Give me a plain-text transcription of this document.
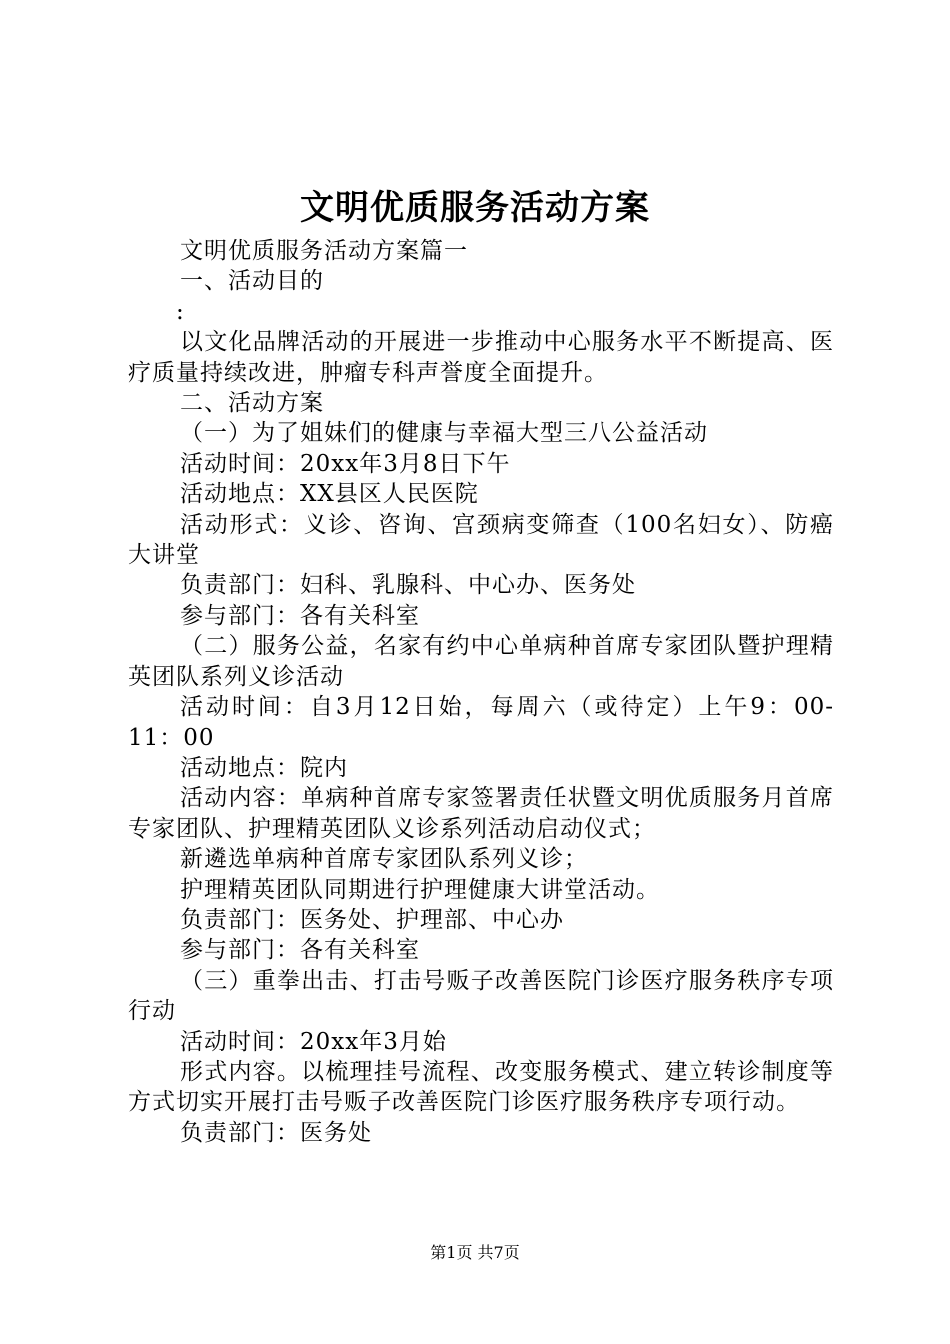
文明优质服务活动方案

文明优质服务活动方案篇一

一、活动目的

:

以文化品牌活动的开展进一步推动中心服务水平不断提高、医疗质量持续改进，肿瘤专科声誉度全面提升。

二、活动方案

（一）为了姐妹们的健康与幸福大型三八公益活动

活动时间：20xx年3月8日下午

活动地点：XX县区人民医院

活动形式：义诊、咨询、宫颈病变筛查（100名妇女）、防癌大讲堂

负责部门：妇科、乳腺科、中心办、医务处

参与部门：各有关科室

（二）服务公益，名家有约中心单病种首席专家团队暨护理精英团队系列义诊活动

活动时间：自3月12日始，每周六（或待定）上午9：00-11：00

活动地点：院内

活动内容：单病种首席专家签署责任状暨文明优质服务月首席专家团队、护理精英团队义诊系列活动启动仪式；

新遴选单病种首席专家团队系列义诊；

护理精英团队同期进行护理健康大讲堂活动。

负责部门：医务处、护理部、中心办

参与部门：各有关科室

（三）重拳出击、打击号贩子改善医院门诊医疗服务秩序专项行动

活动时间：20xx年3月始

形式内容。以梳理挂号流程、改变服务模式、建立转诊制度等方式切实开展打击号贩子改善医院门诊医疗服务秩序专项行动。

负责部门：医务处

第1页 共7页
